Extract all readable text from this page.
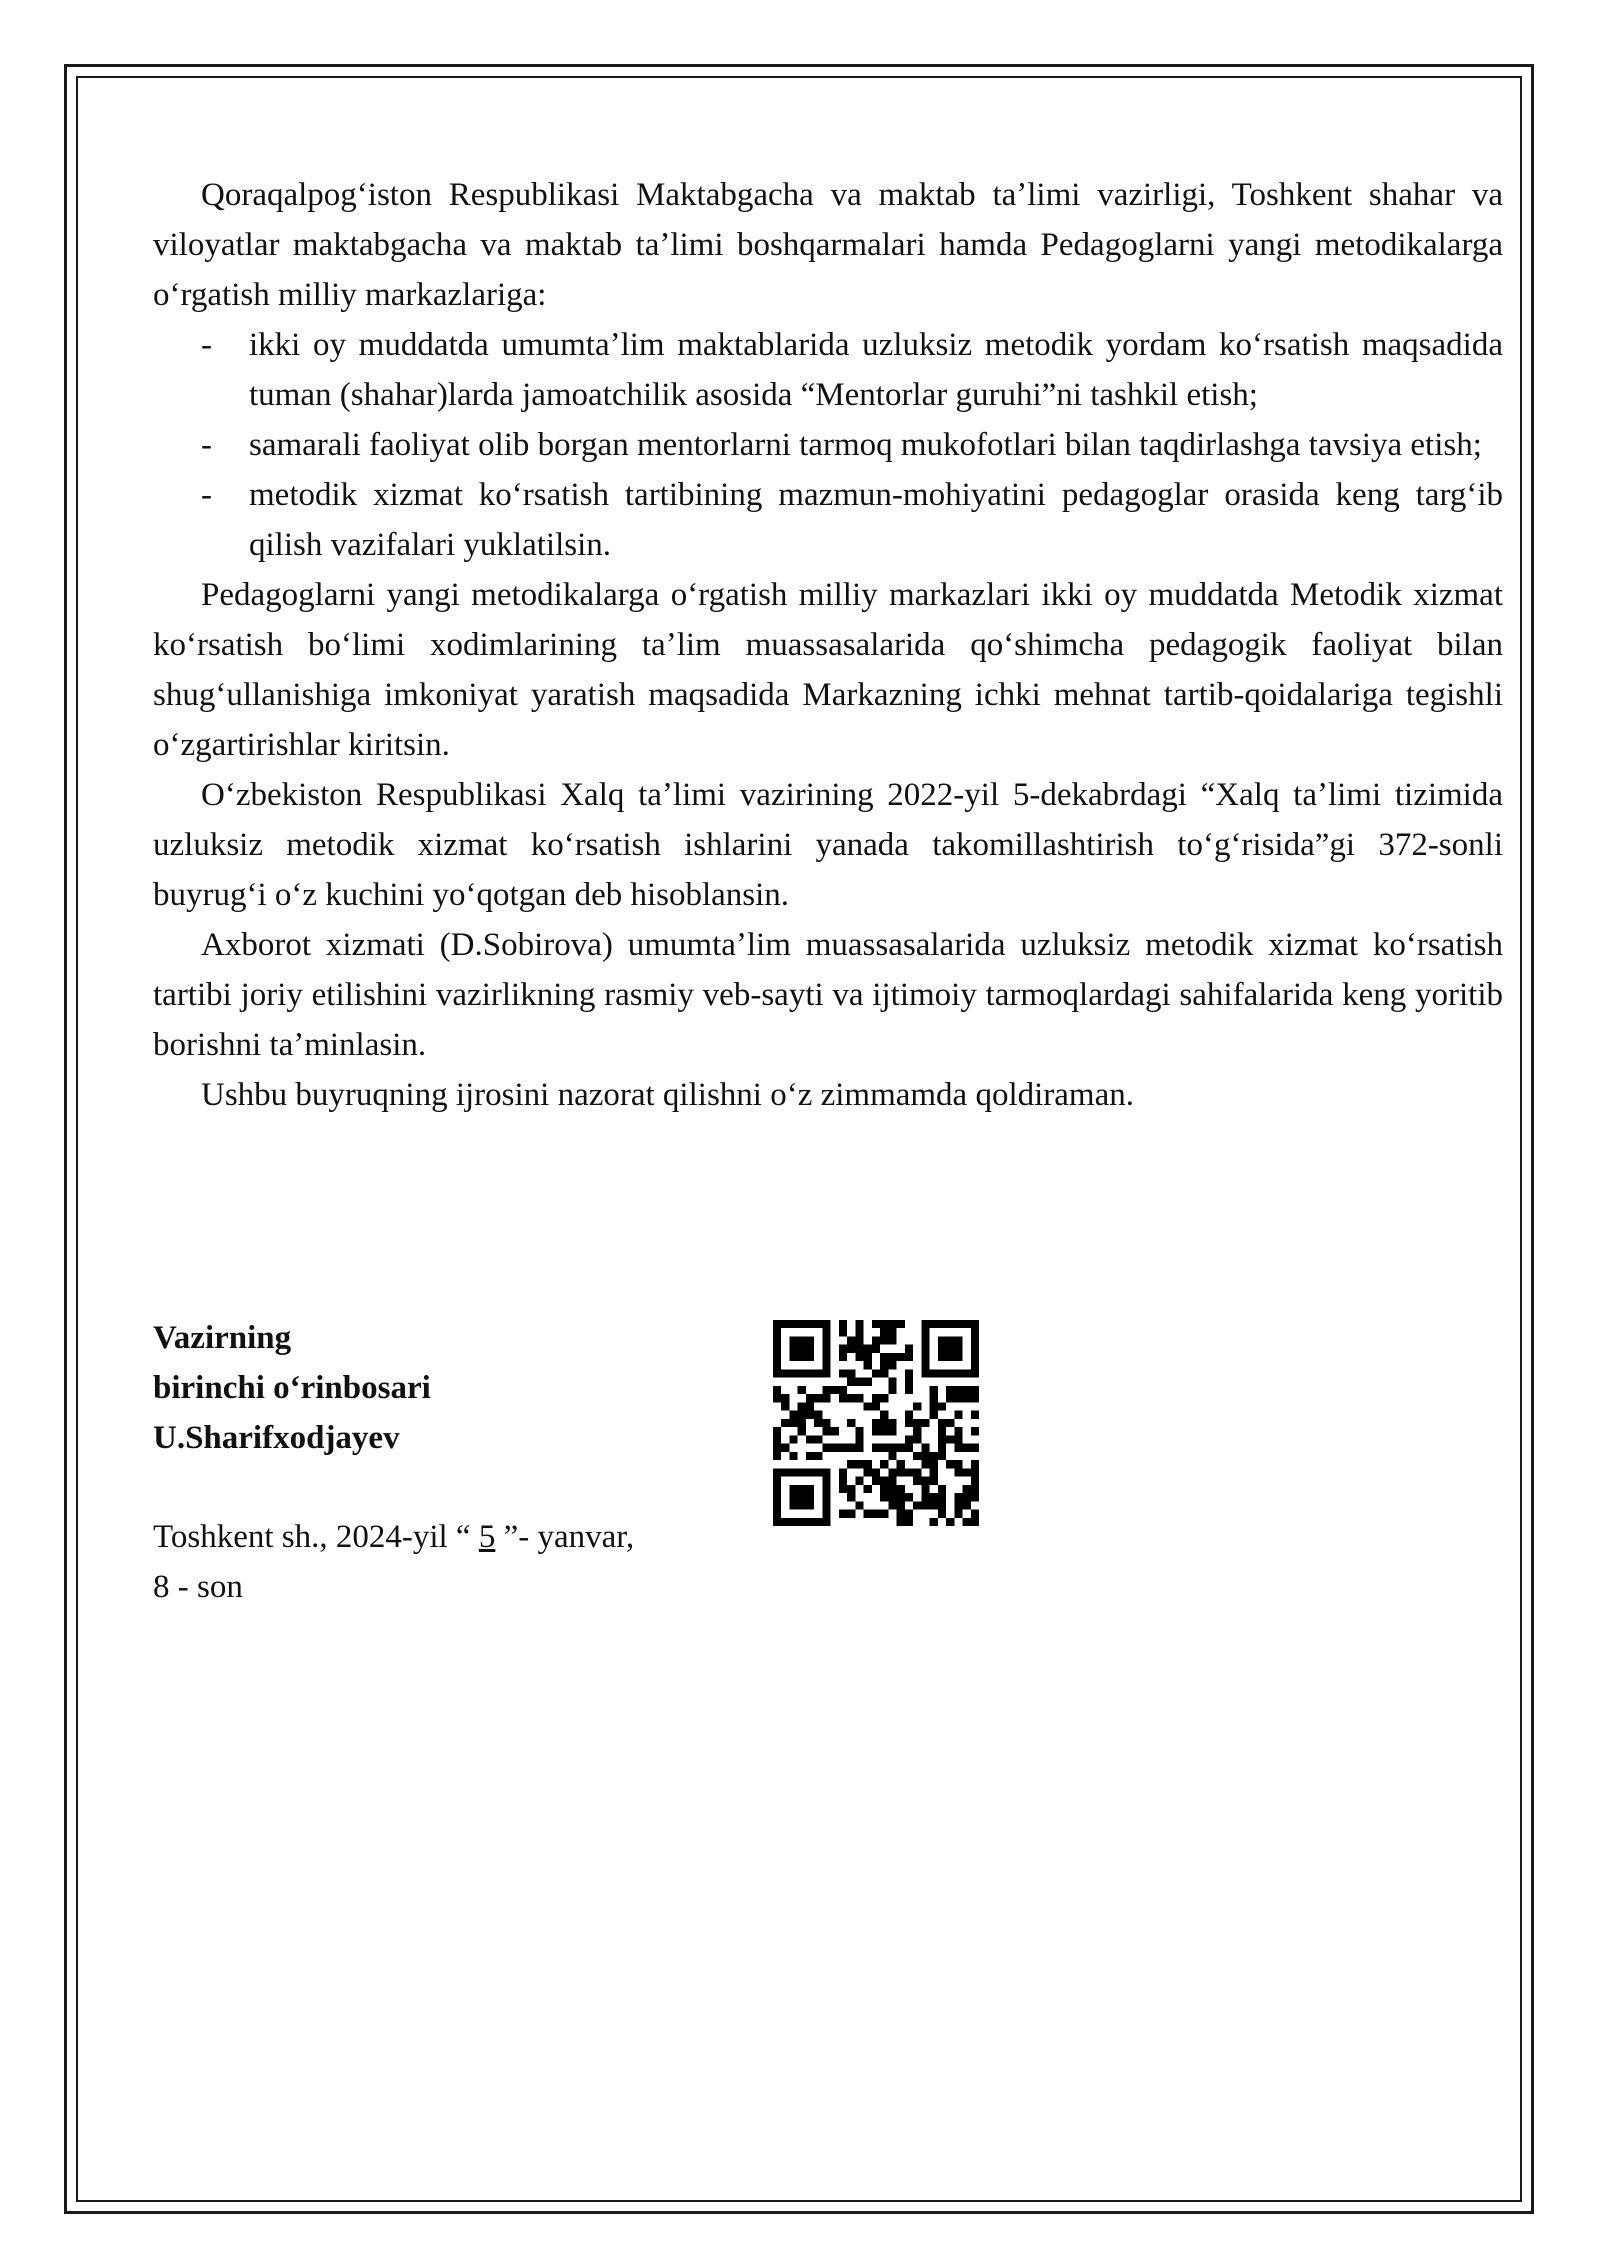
Qoraqalpogʻiston Respublikasi Maktabgacha va maktab taʼlimi vazirligi, Toshkent shahar va viloyatlar maktabgacha va maktab taʼlimi boshqarmalari hamda Pedagoglarni yangi metodikalarga oʻrgatish milliy markazlariga:

- ikki oy muddatda umumtaʼlim maktablarida uzluksiz metodik yordam koʻrsatish maqsadida tuman (shahar)larda jamoatchilik asosida “Mentorlar guruhi”ni tashkil etish;
- samarali faoliyat olib borgan mentorlarni tarmoq mukofotlari bilan taqdirlashga tavsiya etish;
- metodik xizmat koʻrsatish tartibining mazmun-mohiyatini pedagoglar orasida keng targʻib qilish vazifalari yuklatilsin.

Pedagoglarni yangi metodikalarga oʻrgatish milliy markazlari ikki oy muddatda Metodik xizmat koʻrsatish boʻlimi xodimlarining taʼlim muassasalarida qoʻshimcha pedagogik faoliyat bilan shugʻullanishiga imkoniyat yaratish maqsadida Markazning ichki mehnat tartib-qoidalariga tegishli oʻzgartirishlar kiritsin.

Oʻzbekiston Respublikasi Xalq taʼlimi vazirining 2022-yil 5-dekabrdagi “Xalq taʼlimi tizimida uzluksiz metodik xizmat koʻrsatish ishlarini yanada takomillashtirish toʻgʻrisida”gi 372-sonli buyrugʻi oʻz kuchini yoʻqotgan deb hisoblansin.

Axborot xizmati (D.Sobirova) umumtaʼlim muassasalarida uzluksiz metodik xizmat koʻrsatish tartibi joriy etilishini vazirlikning rasmiy veb-sayti va ijtimoiy tarmoqlardagi sahifalarida keng yoritib borishni taʼminlasin.

Ushbu buyruqning ijrosini nazorat qilishni oʻz zimmamda qoldiraman.

Vazirning
birinchi oʻrinbosari
U.Sharifxodjayev
Toshkent sh., 2024-yil “ 5 ”- yanvar,
8 - son
